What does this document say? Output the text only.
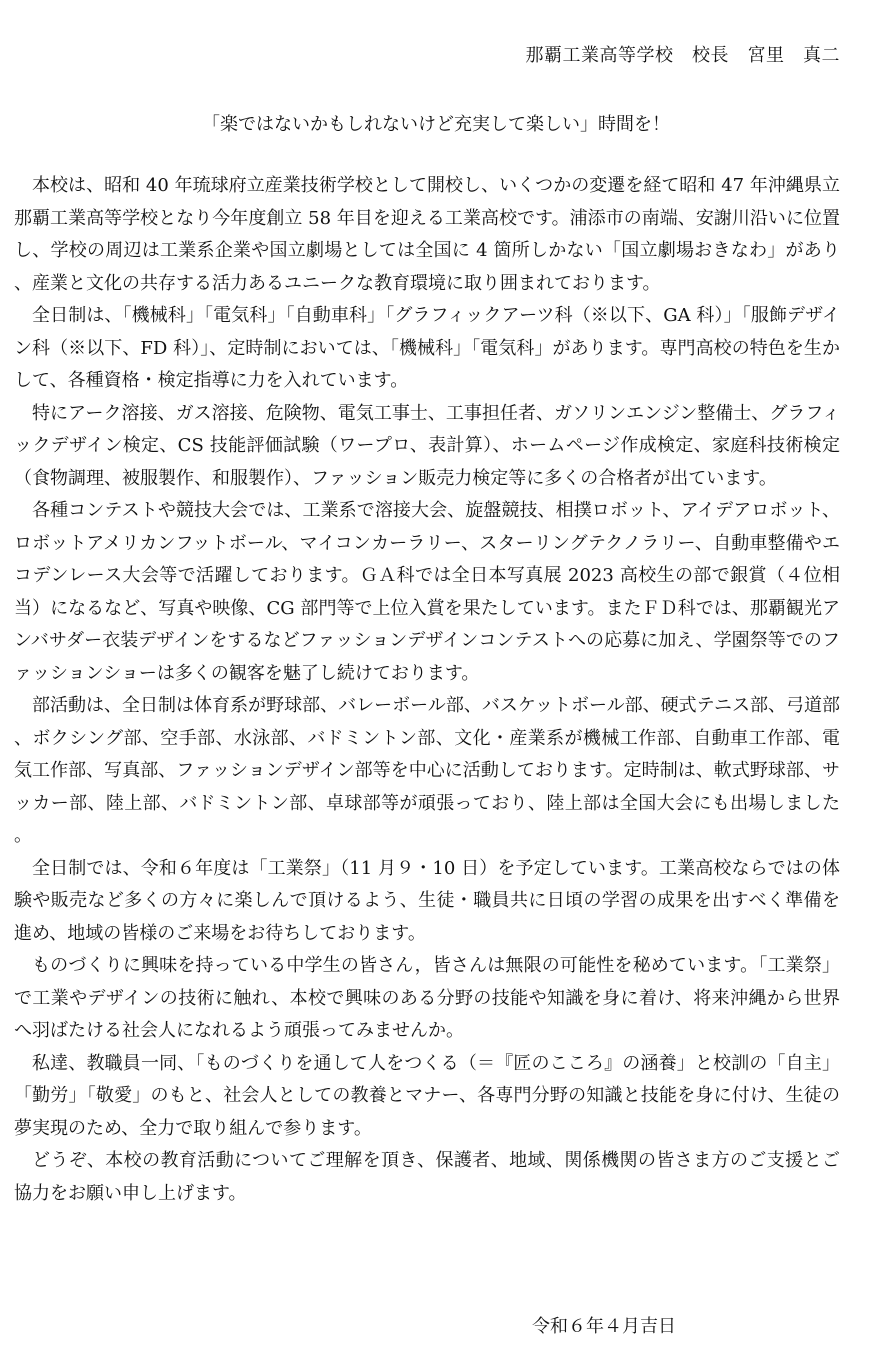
那覇工業高等学校　校長　宮里　真二
「楽ではないかもしれないけど充実して楽しい」時間を！

本校は、昭和 40 年琉球府立産業技術学校として開校し、いくつかの変遷を経て昭和 47 年沖縄県立那覇工業高等学校となり今年度創立 58 年目を迎える工業高校です。浦添市の南端、安謝川沿いに位置し、学校の周辺は工業系企業や国立劇場としては全国に 4 箇所しかない「国立劇場おきなわ」があり、産業と文化の共存する活力あるユニークな教育環境に取り囲まれております。

全日制は、「機械科」「電気科」「自動車科」「グラフィックアーツ科（※以下、GA 科）」「服飾デザイン科（※以下、FD 科）」、定時制においては、「機械科」「電気科」があります。専門高校の特色を生かして、各種資格・検定指導に力を入れています。

特にアーク溶接、ガス溶接、危険物、電気工事士、工事担任者、ガソリンエンジン整備士、グラフィックデザイン検定、CS 技能評価試験（ワープロ、表計算）、ホームページ作成検定、家庭科技術検定（食物調理、被服製作、和服製作）、ファッション販売力検定等に多くの合格者が出ています。

各種コンテストや競技大会では、工業系で溶接大会、旋盤競技、相撲ロボット、アイデアロボット、ロボットアメリカンフットボール、マイコンカーラリー、スターリングテクノラリー、自動車整備やエコデンレース大会等で活躍しております。ＧＡ科では全日本写真展 2023 高校生の部で銀賞（４位相当）になるなど、写真や映像、CG 部門等で上位入賞を果たしています。またＦＤ科では、那覇観光アンバサダー衣装デザインをするなどファッションデザインコンテストへの応募に加え、学園祭等でのファッションショーは多くの観客を魅了し続けております。

部活動は、全日制は体育系が野球部、バレーボール部、バスケットボール部、硬式テニス部、弓道部、ボクシング部、空手部、水泳部、バドミントン部、文化・産業系が機械工作部、自動車工作部、電気工作部、写真部、ファッションデザイン部等を中心に活動しております。定時制は、軟式野球部、サッカー部、陸上部、バドミントン部、卓球部等が頑張っており、陸上部は全国大会にも出場しました。

全日制では、令和６年度は「工業祭」（11 月９・10 日）を予定しています。工業高校ならではの体験や販売など多くの方々に楽しんで頂けるよう、生徒・職員共に日頃の学習の成果を出すべく準備を進め、地域の皆様のご来場をお待ちしております。

ものづくりに興味を持っている中学生の皆さん，皆さんは無限の可能性を秘めています。「工業祭」で工業やデザインの技術に触れ、本校で興味のある分野の技能や知識を身に着け、将来沖縄から世界へ羽ばたける社会人になれるよう頑張ってみませんか。

私達、教職員一同、「ものづくりを通して人をつくる（＝『匠のこころ』の涵養」と校訓の「自主」「勤労」「敬愛」のもと、社会人としての教養とマナー、各専門分野の知識と技能を身に付け、生徒の夢実現のため、全力で取り組んで参ります。

どうぞ、本校の教育活動についてご理解を頂き、保護者、地域、関係機関の皆さま方のご支援とご協力をお願い申し上げます。

令和６年４月吉日
